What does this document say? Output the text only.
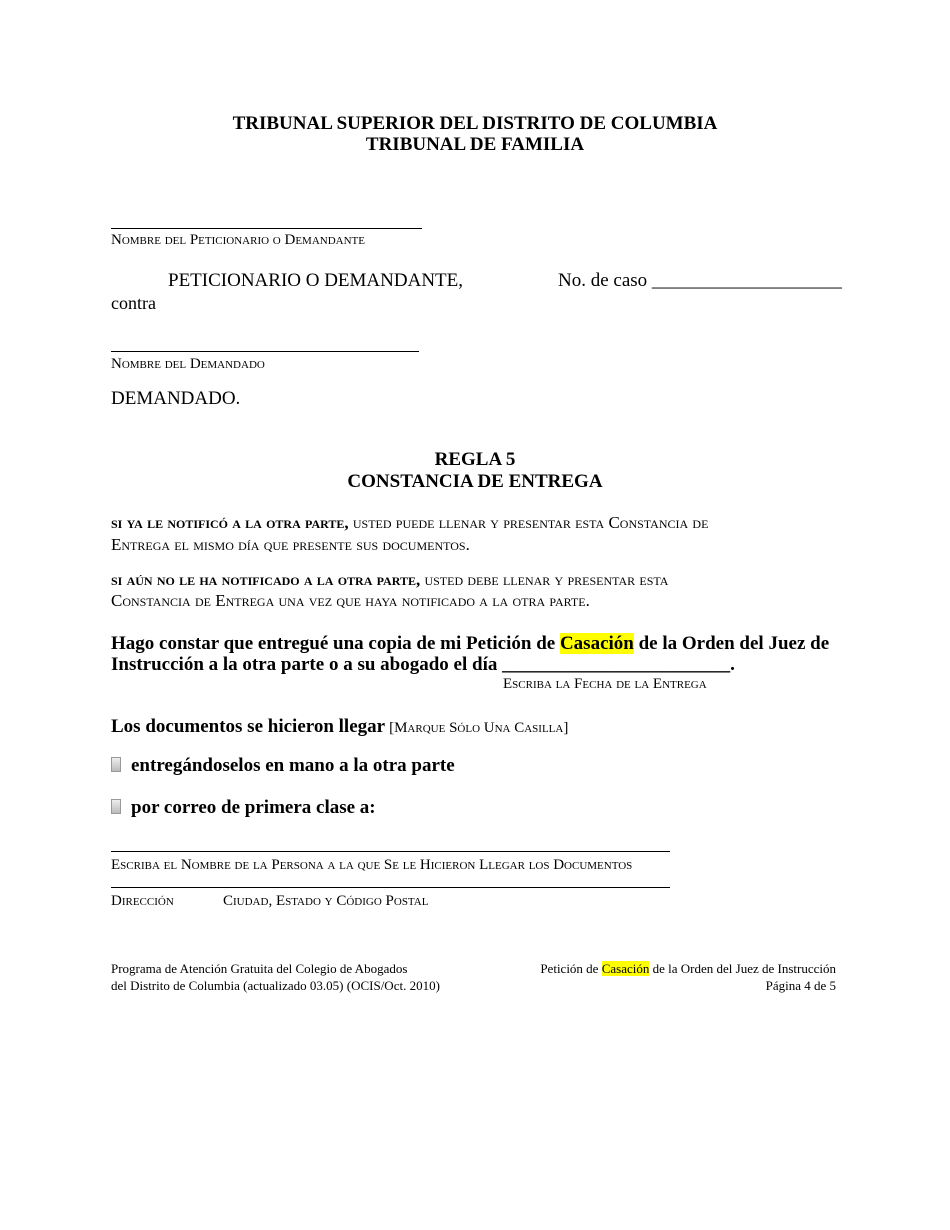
TRIBUNAL SUPERIOR DEL DISTRITO DE COLUMBIA
TRIBUNAL DE FAMILIA
Nombre del Peticionario o Demandante
PETICIONARIO O DEMANDANTE,	No. de caso ____________________
contra
Nombre del Demandado
DEMANDADO.
REGLA 5
CONSTANCIA DE ENTREGA
si ya le notificó a la otra parte, usted puede llenar y presentar esta Constancia de
Entrega el mismo día que presente sus documentos.
si aún no le ha notificado a la otra parte, usted debe llenar y presentar esta
Constancia de Entrega una vez que haya notificado a la otra parte.
Hago constar que entregué una copia de mi Petición de Casación de la Orden del Juez de
Instrucción a la otra parte o a su abogado el día ________________________.
Escriba la Fecha de la Entrega
Los documentos se hicieron llegar [Marque Sólo Una Casilla]
entregándoselos en mano a la otra parte
por correo de primera clase a:
Escriba el Nombre de la Persona a la que Se le Hicieron Llegar los Documentos
Dirección	Ciudad, Estado y Código Postal
Programa de Atención Gratuita del Colegio de Abogados
del Distrito de Columbia (actualizado 03.05) (OCIS/Oct. 2010)
Petición de Casación de la Orden del Juez de Instrucción
Página 4 de 5
